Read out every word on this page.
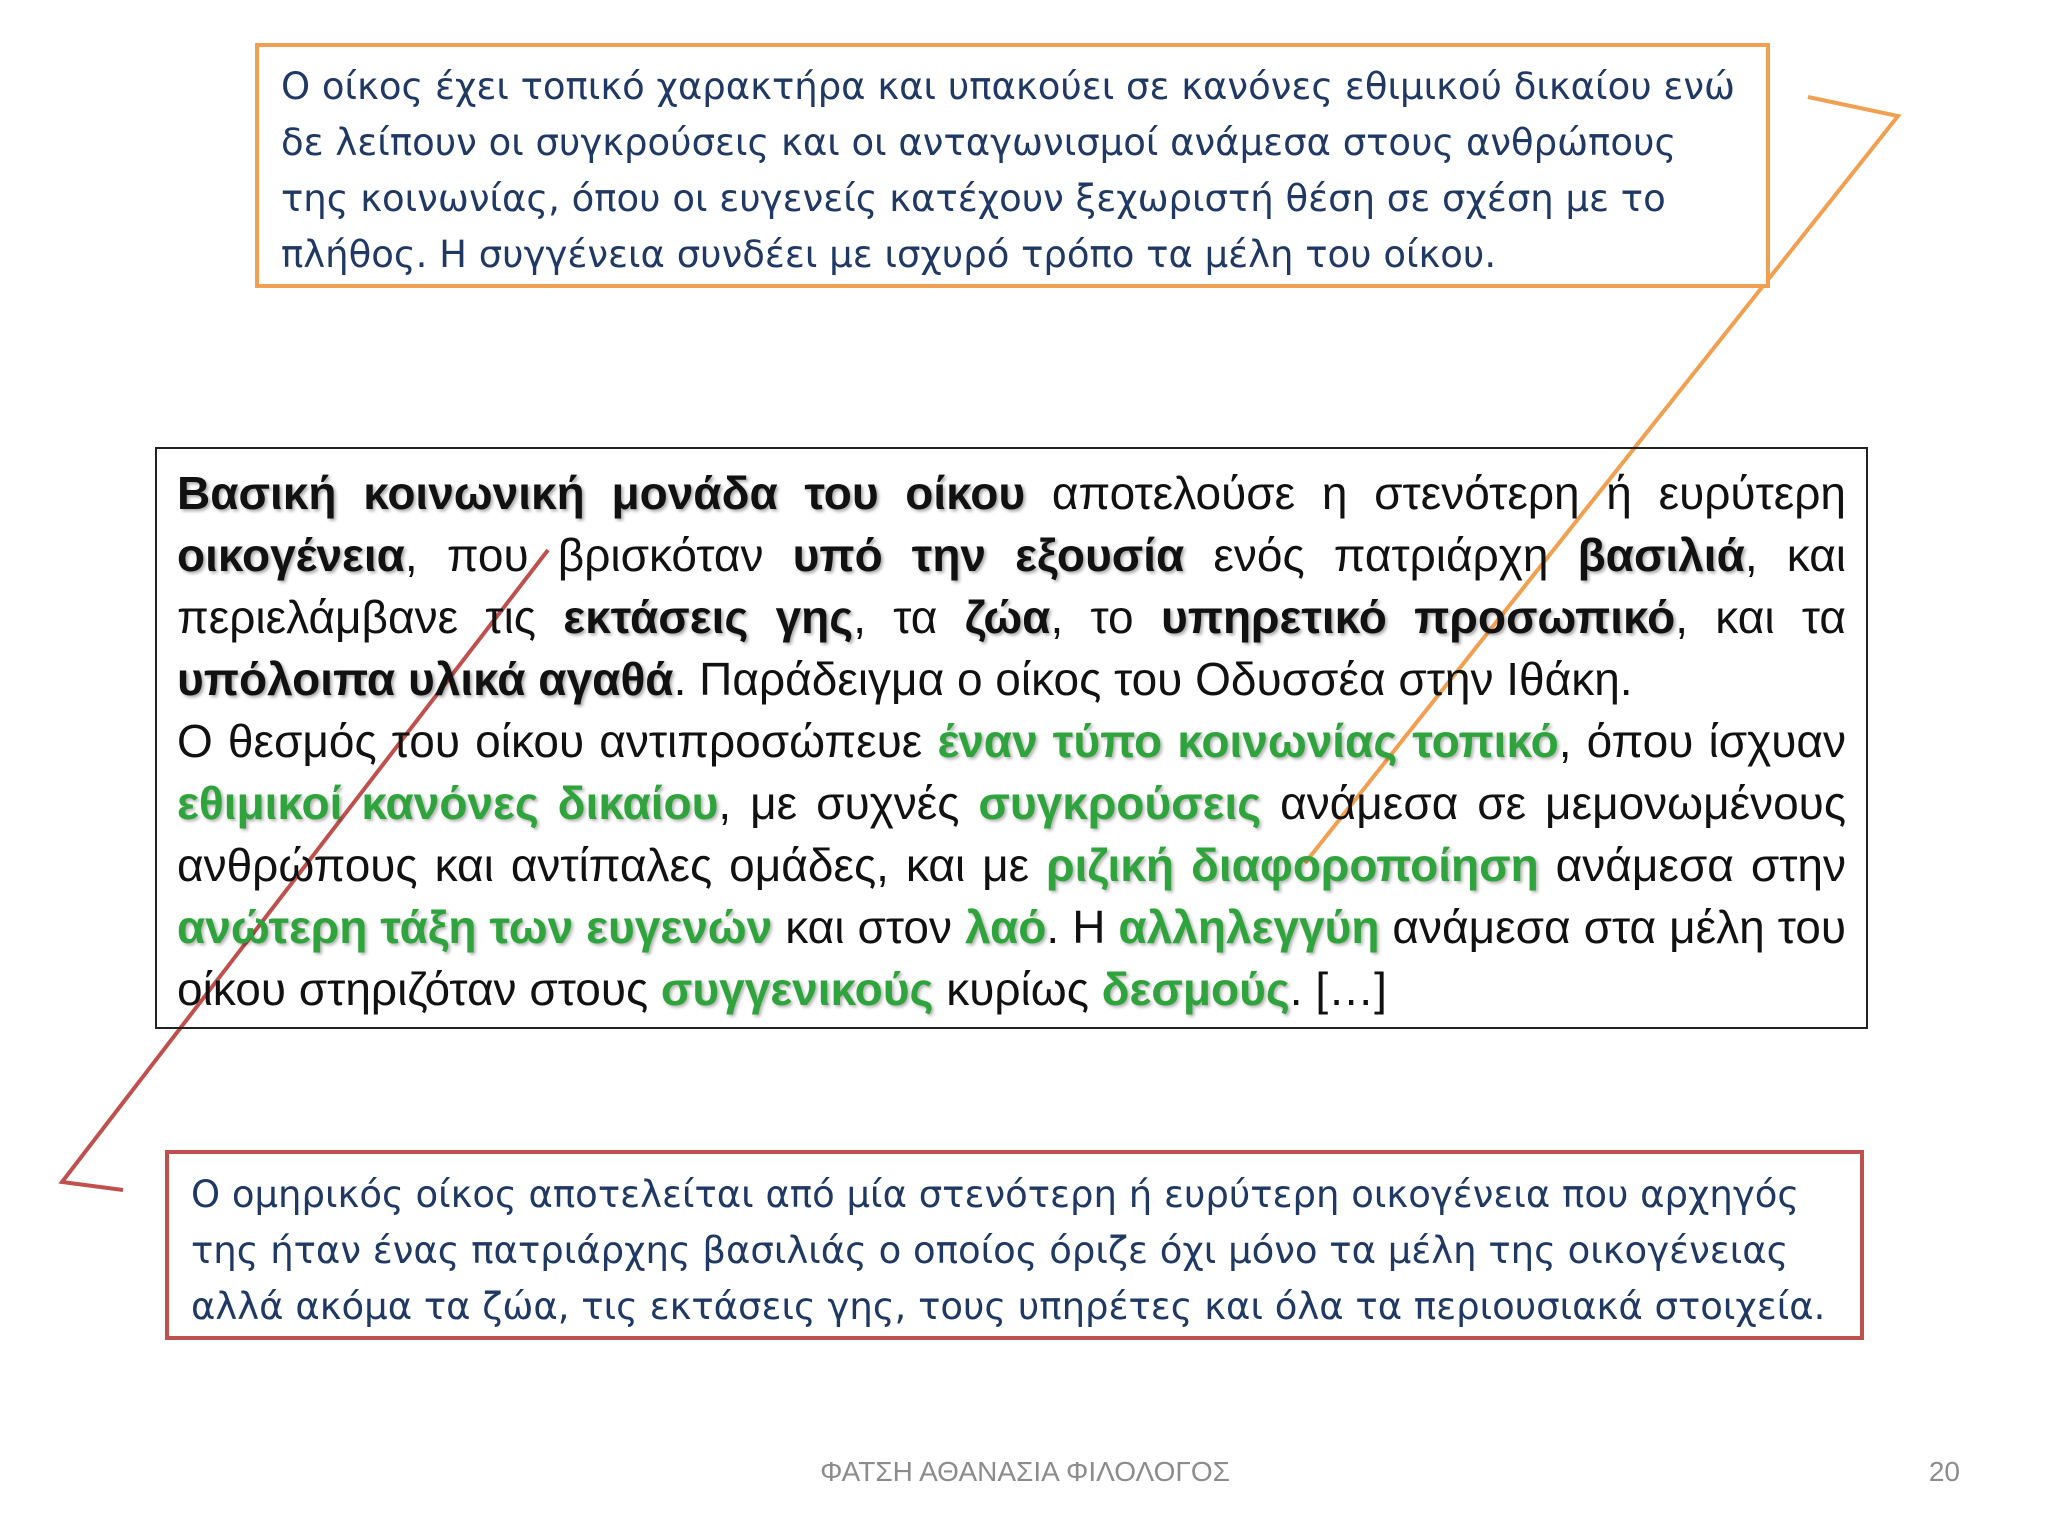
Ο οίκος έχει τοπικό χαρακτήρα και υπακούει σε κανόνες εθιμικού δικαίου ενώ δε λείπουν οι συγκρούσεις και οι ανταγωνισμοί ανάμεσα στους ανθρώπους της κοινωνίας, όπου οι ευγενείς κατέχουν ξεχωριστή θέση σε σχέση με το πλήθος. Η συγγένεια συνδέει με ισχυρό τρόπο τα μέλη του οίκου.

Βασική κοινωνική μονάδα του οίκου αποτελούσε η στενότερη ή ευρύτερη οικογένεια, που βρισκόταν υπό την εξουσία ενός πατριάρχη βασιλιά, και περιελάμβανε τις εκτάσεις γης, τα ζώα, το υπηρετικό προσωπικό, και τα υπόλοιπα υλικά αγαθά. Παράδειγμα ο οίκος του Οδυσσέα στην Ιθάκη.

Ο θεσμός του οίκου αντιπροσώπευε έναν τύπο κοινωνίας τοπικό, όπου ίσχυαν εθιμικοί κανόνες δικαίου, με συχνές συγκρούσεις ανάμεσα σε μεμονωμένους ανθρώπους και αντίπαλες ομάδες, και με ριζική διαφοροποίηση ανάμεσα στην ανώτερη τάξη των ευγενών και στον λαό. Η αλληλεγγύη ανάμεσα στα μέλη του οίκου στηριζόταν στους συγγενικούς κυρίως δεσμούς. […]

Ο ομηρικός οίκος αποτελείται από μία στενότερη ή ευρύτερη οικογένεια που αρχηγός της ήταν ένας πατριάρχης βασιλιάς ο οποίος όριζε όχι μόνο τα μέλη της οικογένειας αλλά ακόμα τα ζώα, τις εκτάσεις γης, τους υπηρέτες και όλα τα περιουσιακά στοιχεία.
ΦΑΤΣΗ ΑΘΑΝΑΣΙΑ ΦΙΛΟΛΟΓΟΣ	20
